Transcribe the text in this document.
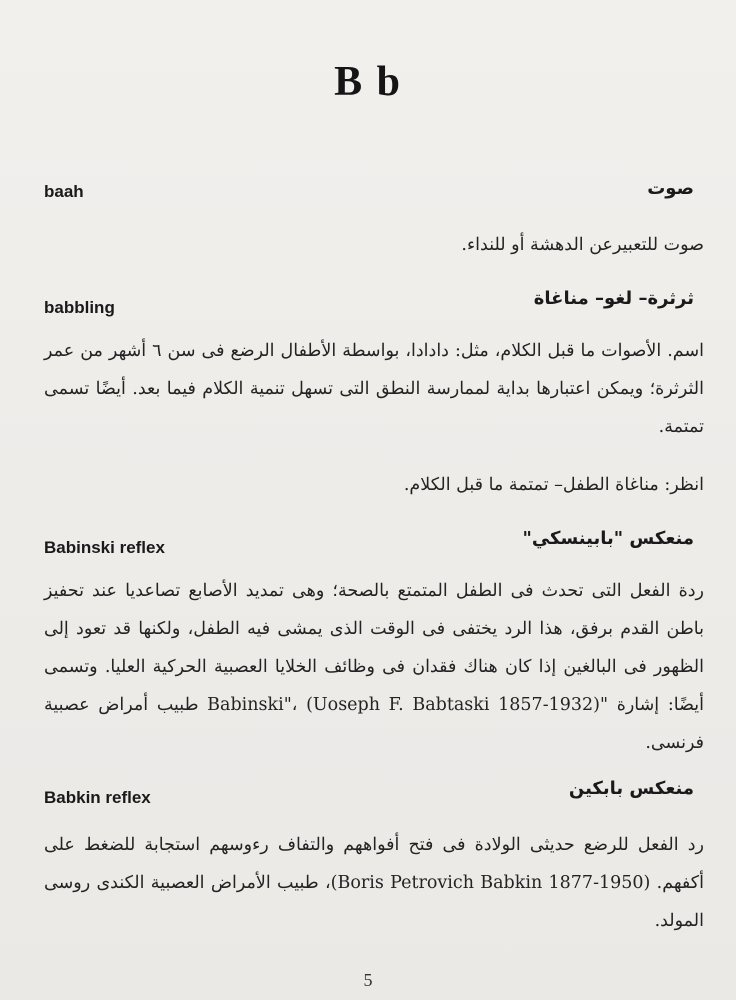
B b
baah	صوت
صوت للتعبيرعن الدهشة أو للنداء.
babbling	ثرثرة– لغو– مناغاة
اسم. الأصوات ما قبل الكلام، مثل: دادادا، بواسطة الأطفال الرضع فى سن ٦ أشهر من عمر الثرثرة؛ ويمكن اعتبارها بداية لممارسة النطق التى تسهل تنمية الكلام فيما بعد. أيضًا تسمى تمتمة.
انظر: مناغاة الطفل– تمتمة ما قبل الكلام.
Babinski reflex	منعكس "بابينسكي"
ردة الفعل التى تحدث فى الطفل المتمتع بالصحة؛ وهى تمديد الأصابع تصاعديا عند تحفيز باطن القدم برفق، هذا الرد يختفى فى الوقت الذى يمشى فيه الطفل، ولكنها قد تعود إلى الظهور فى البالغين إذا كان هناك فقدان فى وظائف الخلايا العصبية الحركية العليا. وتسمى أيضًا: إشارة "Babinski"، (Uoseph F. Babtaski 1857-1932) طبيب أمراض عصبية فرنسى.
Babkin reflex	منعكس بابكين
رد الفعل للرضع حديثى الولادة فى فتح أفواههم والتفاف رءوسهم استجابة للضغط على أكفهم. (Boris Petrovich Babkin 1877-1950)، طبيب الأمراض العصبية الكندى روسى المولد.
5
